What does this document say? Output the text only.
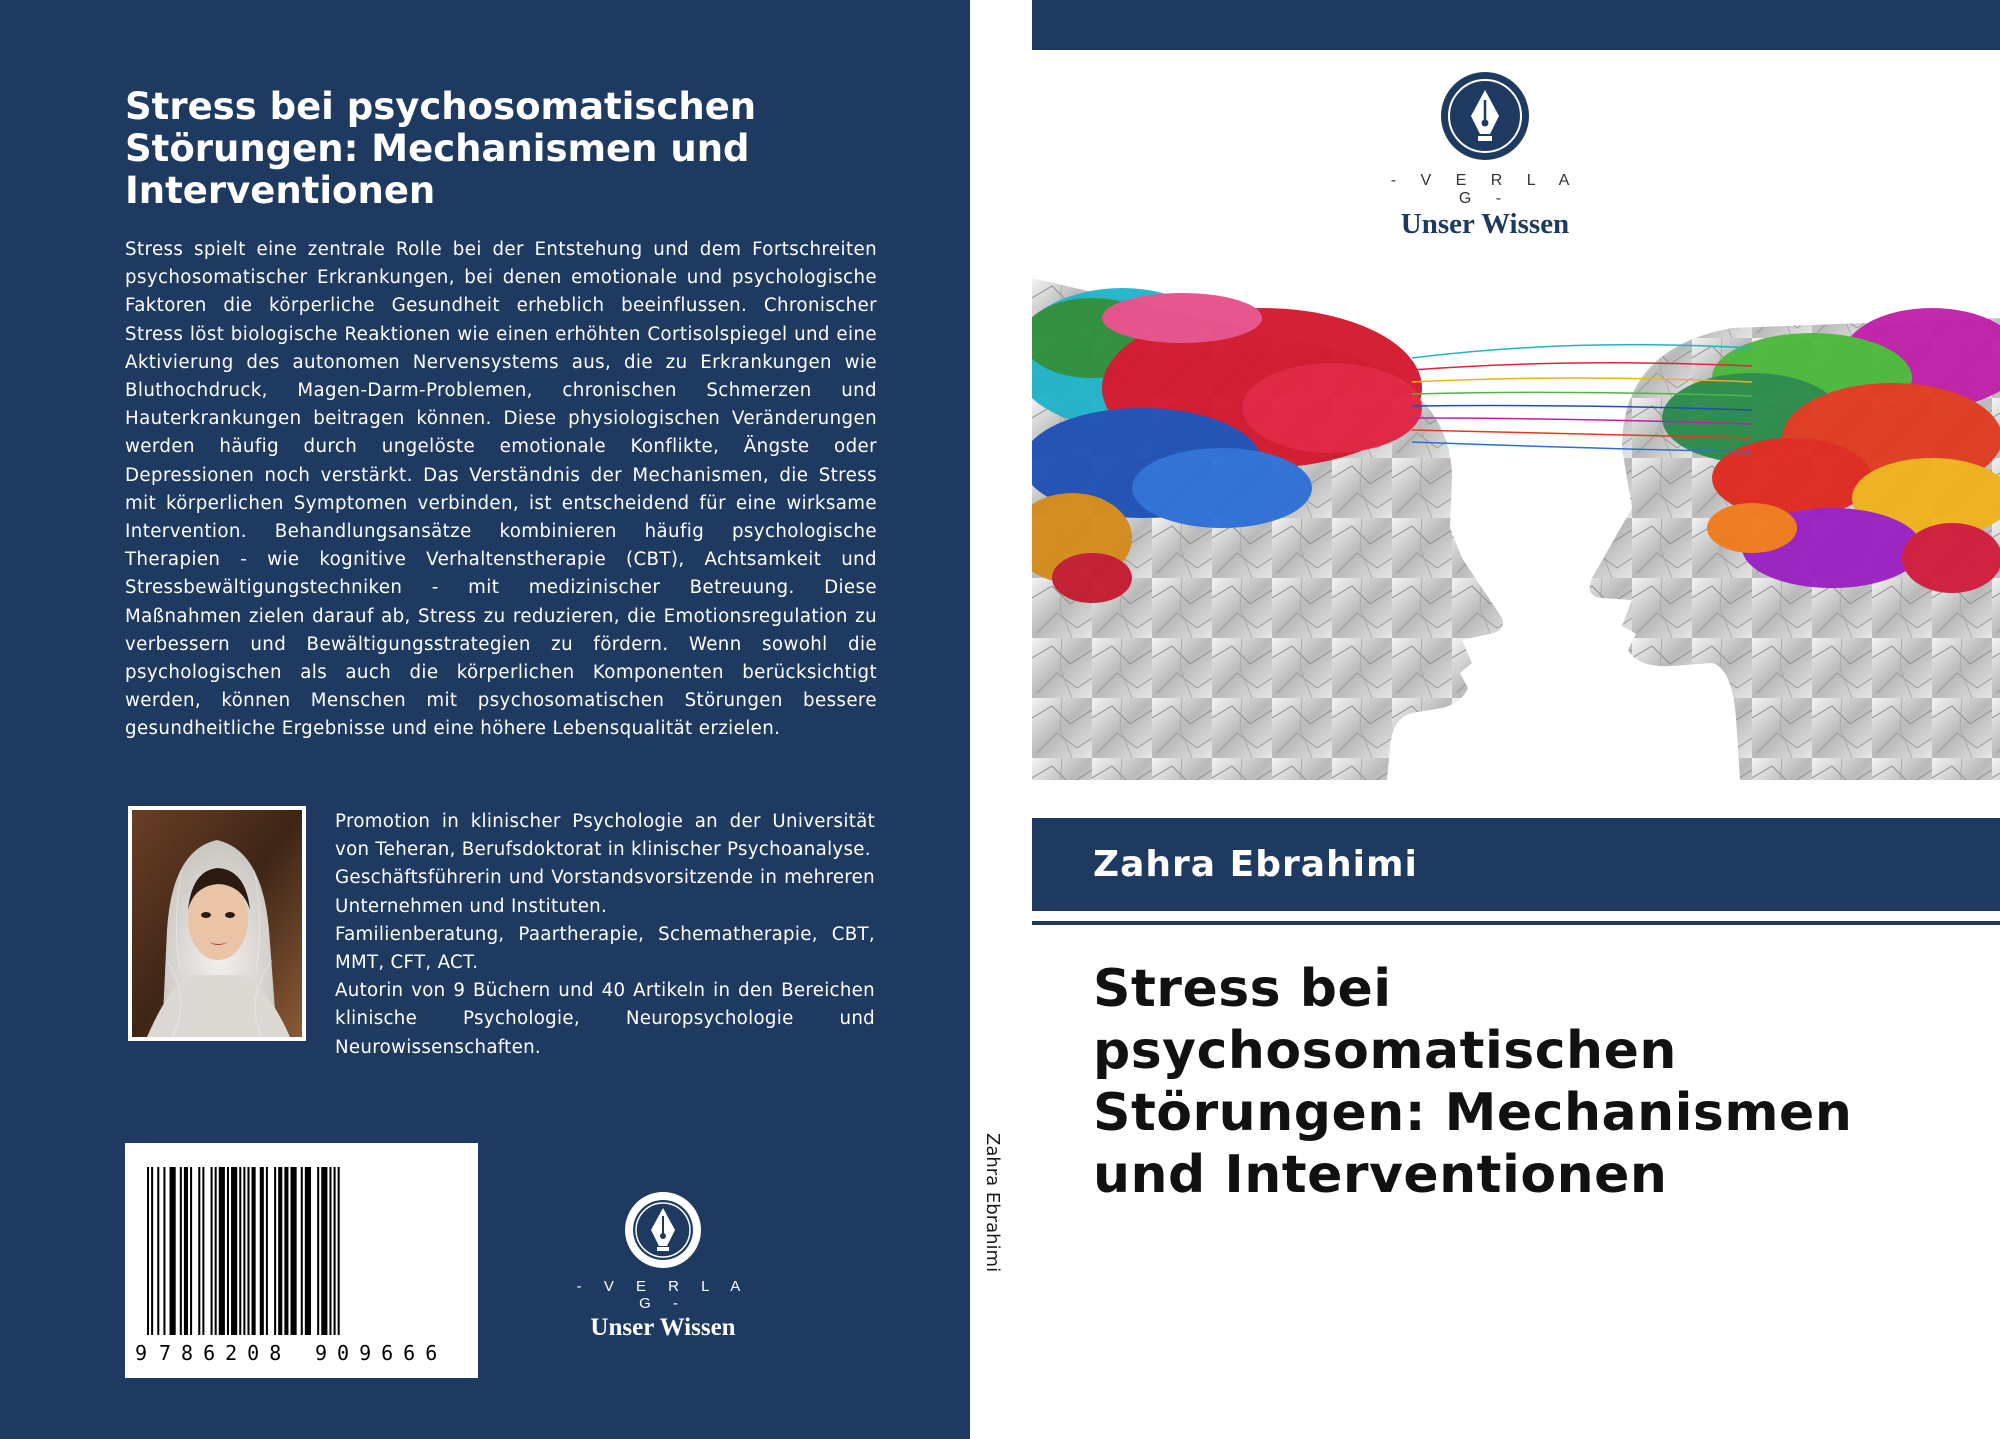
Stress bei psychosomatischen Störungen: Mechanismen und Interventionen
Stress spielt eine zentrale Rolle bei der Entstehung und dem Fortschreiten psychosomatischer Erkrankungen, bei denen emotionale und psychologische Faktoren die körperliche Gesundheit erheblich beeinflussen. Chronischer Stress löst biologische Reaktionen wie einen erhöhten Cortisolspiegel und eine Aktivierung des autonomen Nervensystems aus, die zu Erkrankungen wie Bluthochdruck, Magen-Darm-Problemen, chronischen Schmerzen und Hauterkrankungen beitragen können. Diese physiologischen Veränderungen werden häufig durch ungelöste emotionale Konflikte, Ängste oder Depressionen noch verstärkt. Das Verständnis der Mechanismen, die Stress mit körperlichen Symptomen verbinden, ist entscheidend für eine wirksame Intervention. Behandlungsansätze kombinieren häufig psychologische Therapien - wie kognitive Verhaltenstherapie (CBT), Achtsamkeit und Stressbewältigungstechniken - mit medizinischer Betreuung. Diese Maßnahmen zielen darauf ab, Stress zu reduzieren, die Emotionsregulation zu verbessern und Bewältigungsstrategien zu fördern. Wenn sowohl die psychologischen als auch die körperlichen Komponenten berücksichtigt werden, können Menschen mit psychosomatischen Störungen bessere gesundheitliche Ergebnisse und eine höhere Lebensqualität erzielen.

Promotion in klinischer Psychologie an der Universität von Teheran, Berufsdoktorat in klinischer Psychoanalyse.

Geschäftsführerin und Vorstandsvorsitzende in mehreren Unternehmen und Instituten.

Familienberatung, Paartherapie, Schematherapie, CBT, MMT, CFT, ACT.

Autorin von 9 Büchern und 40 Artikeln in den Bereichen klinische Psychologie, Neuropsychologie und Neurowissenschaften.

9 786208 909666
- V E R L A G -
Unser Wissen
Zahra Ebrahimi
- V E R L A G -
Unser Wissen
Zahra Ebrahimi
Stress bei psychosomatischen Störungen: Mechanismen und Interventionen
